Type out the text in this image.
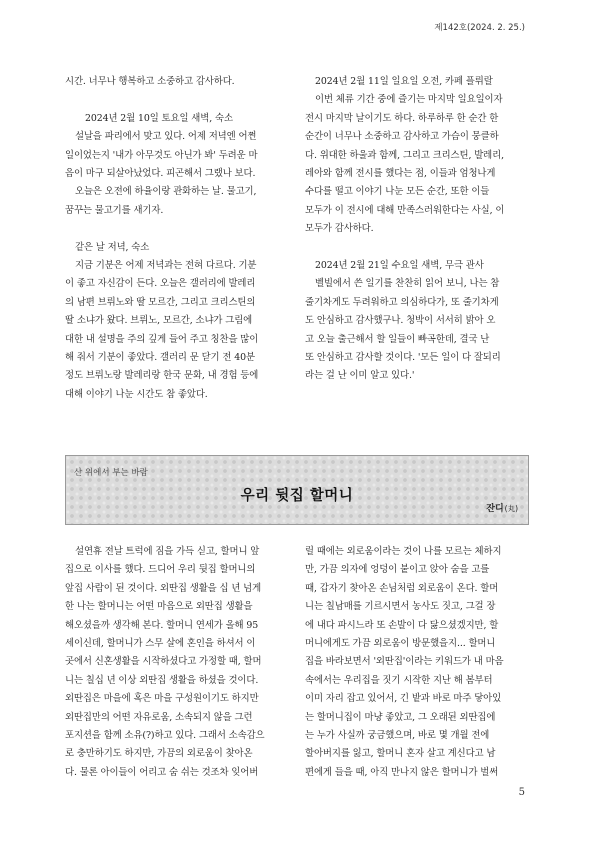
제142호(2024. 2. 25.)

시간. 너무나 행복하고 소중하고 감사하다.

2024년 2월 10일 토요일 새벽, 숙소

설날을 파리에서 맞고 있다. 어제 저녁엔 어쩐

일이었는지 '내가 아무것도 아닌가 봐' 두려운 마

음이 마구 되살아났었다. 피곤해서 그랬나 보다.

오늘은 오전에 하율이랑 관화하는 날. 물고기,

꿈꾸는 물고기를 새기자.

같은 날 저녁, 숙소

지금 기분은 어제 저녁과는 전혀 다르다. 기분

이 좋고 자신감이 든다. 오늘은 갤러리에 발레리

의 남편 브뤼노와 딸 모르간, 그리고 크리스틴의

딸 소냐가 왔다. 브뤼노, 모르간, 소냐가 그림에

대한 내 설명을 주의 깊게 들어 주고 칭찬을 많이

해 줘서 기분이 좋았다. 갤러리 문 닫기 전 40분

정도 브뤼노랑 발레리랑 한국 문화, 내 경험 등에

대해 이야기 나눈 시간도 참 좋았다.

2024년 2월 11일 일요일 오전, 카페 플뤼랄

이번 체류 기간 중에 즐기는 마지막 일요일이자

전시 마지막 날이기도 하다. 하루하루 한 순간 한

순간이 너무나 소중하고 감사하고 가슴이 뭉클하

다. 위대한 하울과 함께, 그리고 크리스틴, 발레리,

레아와 함께 전시를 했다는 점, 이들과 엄청나게

수다를 떨고 이야기 나눈 모든 순간, 또한 이들

모두가 이 전시에 대해 만족스러워한다는 사실, 이

모두가 감사하다.

2024년 2월 21일 수요일 새벽, 무극 관사

벨빌에서 쓴 일기를 찬찬히 읽어 보니, 나는 참

줄기차게도 두려워하고 의심하다가, 또 줄기차게

도 안심하고 감사했구나. 청박이 서서히 밝아 오

고 오늘 출근해서 할 일들이 빠곡한데, 결국 난

또 안심하고 감사할 것이다. '모든 일이 다 잘되리

라는 걸 난 이미 알고 있다.'

산 위에서 부는 바람
우리 뒷집 할머니
잔디(丸)

설연휴 전날 트럭에 짐을 가득 싣고, 할머니 앞

집으로 이사를 했다. 드디어 우리 뒷집 할머니의

앞집 사람이 된 것이다. 외딴집 생활을 십 년 넘게

한 나는 할머니는 어떤 마음으로 외딴집 생활을

해오셨을까 생각해 본다. 할머니 연세가 올해 95

세이신데, 할머니가 스무 살에 혼인을 하셔서 이

곳에서 신혼생활을 시작하셨다고 가정할 때, 할머

니는 칠십 년 이상 외딴집 생활을 하셨을 것이다.

외딴집은 마을에 혹은 마을 구성원이기도 하지만

외딴집만의 어떤 자유로움, 소속되지 않을 그런

포지션을 함께 소유(?)하고 있다. 그래서 소속감으

로 충만하기도 하지만, 가끔의 외로움이 찾아온

다. 물론 아이들이 어리고 숨 쉬는 것조차 잊어버

릴 때에는 외로움이라는 것이 나를 모르는 체하지

만, 가끔 의자에 엉덩이 붙이고 앉아 숨을 고를

때, 갑자기 찾아온 손님처럼 외로움이 온다. 할머

니는 칠남매를 기르시면서 농사도 짓고, 그걸 장

에 내다 파시느라 또 손발이 다 닳으셨겠지만, 할

머니에게도 가끔 외로움이 방문했을지... 할머니

집을 바라보면서 '외딴집'이라는 키워드가 내 마음

속에서는 우리집을 짓기 시작한 지난 해 봄부터

이미 자리 잡고 있어서, 긴 밭과 바로 마주 닿아있

는 할머니집이 마냥 좋았고, 그 오래된 외딴집에

는 누가 사실까 궁금했으며, 바로 몇 개월 전에

할아버지를 잃고, 할머니 혼자 살고 계신다고 남

편에게 들을 때, 아직 만나지 않은 할머니가 벌써

5
